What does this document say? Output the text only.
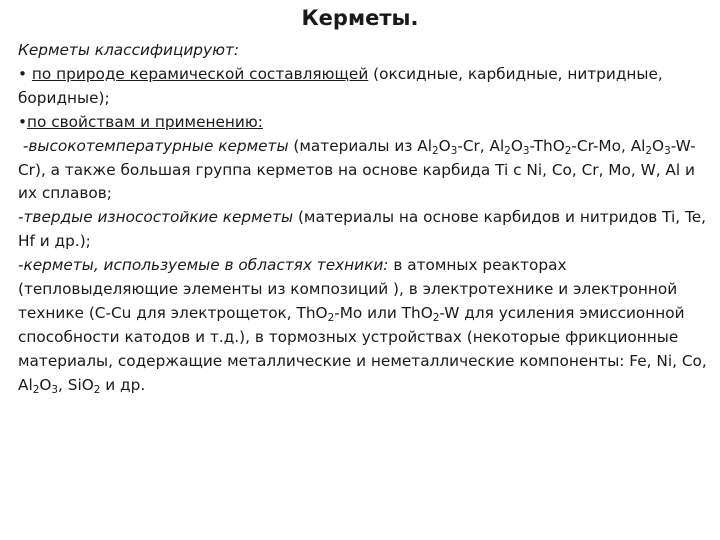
Керметы.

Керметы классифицируют:

• по природе керамической составляющей (оксидные, карбидные, нитридные, боридные);

•по свойствам и применению:

-высокотемпературные керметы (материалы из $Al_2O_3-Cr$, $Al_2O_3-ThO_2-Cr-Mo$, $Al_2O_3-W-Cr$), а также большая группа керметов на основе карбида Ti с Ni, Co, Cr, Mo, W, Al и их сплавов;

-твердые износостойкие керметы (материалы на основе карбидов и нитридов Ti, Te, Hf и др.);

-керметы, используемые в областях техники: в атомных реакторах (тепловыделяющие элементы из композиций ), в электротехнике и электронной технике (C-Cu для электрощеток, ThO$_2$-Mo или ThO$_2$-W для усиления эмиссионной способности катодов и т.д.), в тормозных устройствах (некоторые фрикционные материалы, содержащие металлические и неметаллические компоненты: Fe, Ni, Co, $Al_2O_3$, SiO$_2$ и др.
